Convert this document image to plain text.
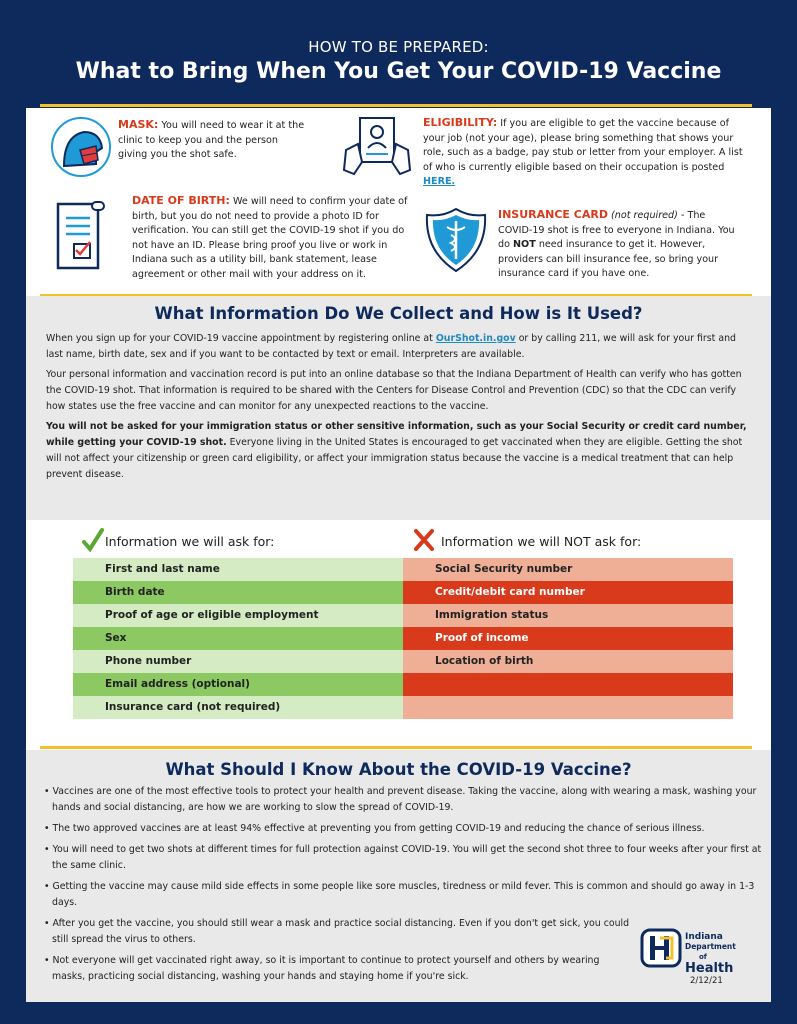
HOW TO BE PREPARED:
What to Bring When You Get Your COVID-19 Vaccine
MASK: You will need to wear it at the clinic to keep you and the person giving you the shot safe.
DATE OF BIRTH: We will need to confirm your date of birth, but you do not need to provide a photo ID for verification. You can still get the COVID-19 shot if you do not have an ID. Please bring proof you live or work in Indiana such as a utility bill, bank statement, lease agreement or other mail with your address on it.
ELIGIBILITY: If you are eligible to get the vaccine because of your job (not your age), please bring something that shows your role, such as a badge, pay stub or letter from your employer. A list of who is currently eligible based on their occupation is posted HERE.
INSURANCE CARD (not required) - The COVID-19 shot is free to everyone in Indiana. You do NOT need insurance to get it. However, providers can bill insurance fee, so bring your insurance card if you have one.
What Information Do We Collect and How is It Used?

When you sign up for your COVID-19 vaccine appointment by registering online at OurShot.in.gov or by calling 211, we will ask for your first and last name, birth date, sex and if you want to be contacted by text or email. Interpreters are available.

Your personal information and vaccination record is put into an online database so that the Indiana Department of Health can verify who has gotten the COVID-19 shot. That information is required to be shared with the Centers for Disease Control and Prevention (CDC) so that the CDC can verify how states use the free vaccine and can monitor for any unexpected reactions to the vaccine.

You will not be asked for your immigration status or other sensitive information, such as your Social Security or credit card number, while getting your COVID-19 shot. Everyone living in the United States is encouraged to get vaccinated when they are eligible. Getting the shot will not affect your citizenship or green card eligibility, or affect your immigration status because the vaccine is a medical treatment that can help prevent disease.

Information we will ask for:	Information we will NOT ask for:
First and last name
Birth date
Proof of age or eligible employment
Sex
Phone number
Email address (optional)
Insurance card (not required)
Social Security number
Credit/debit card number
Immigration status
Proof of income
Location of birth
What Should I Know About the COVID-19 Vaccine?
• Vaccines are one of the most effective tools to protect your health and prevent disease. Taking the vaccine, along with wearing a mask, washing your hands and social distancing, are how we are working to slow the spread of COVID-19.
• The two approved vaccines are at least 94% effective at preventing you from getting COVID-19 and reducing the chance of serious illness.
• You will need to get two shots at different times for full protection against COVID-19. You will get the second shot three to four weeks after your first at the same clinic.
• Getting the vaccine may cause mild side effects in some people like sore muscles, tiredness or mild fever. This is common and should go away in 1-3 days.
• After you get the vaccine, you should still wear a mask and practice social distancing. Even if you don't get sick, you could still spread the virus to others.
• Not everyone will get vaccinated right away, so it is important to continue to protect yourself and others by wearing masks, practicing social distancing, washing your hands and staying home if you're sick.
Indiana
Department
of
Health
2/12/21
